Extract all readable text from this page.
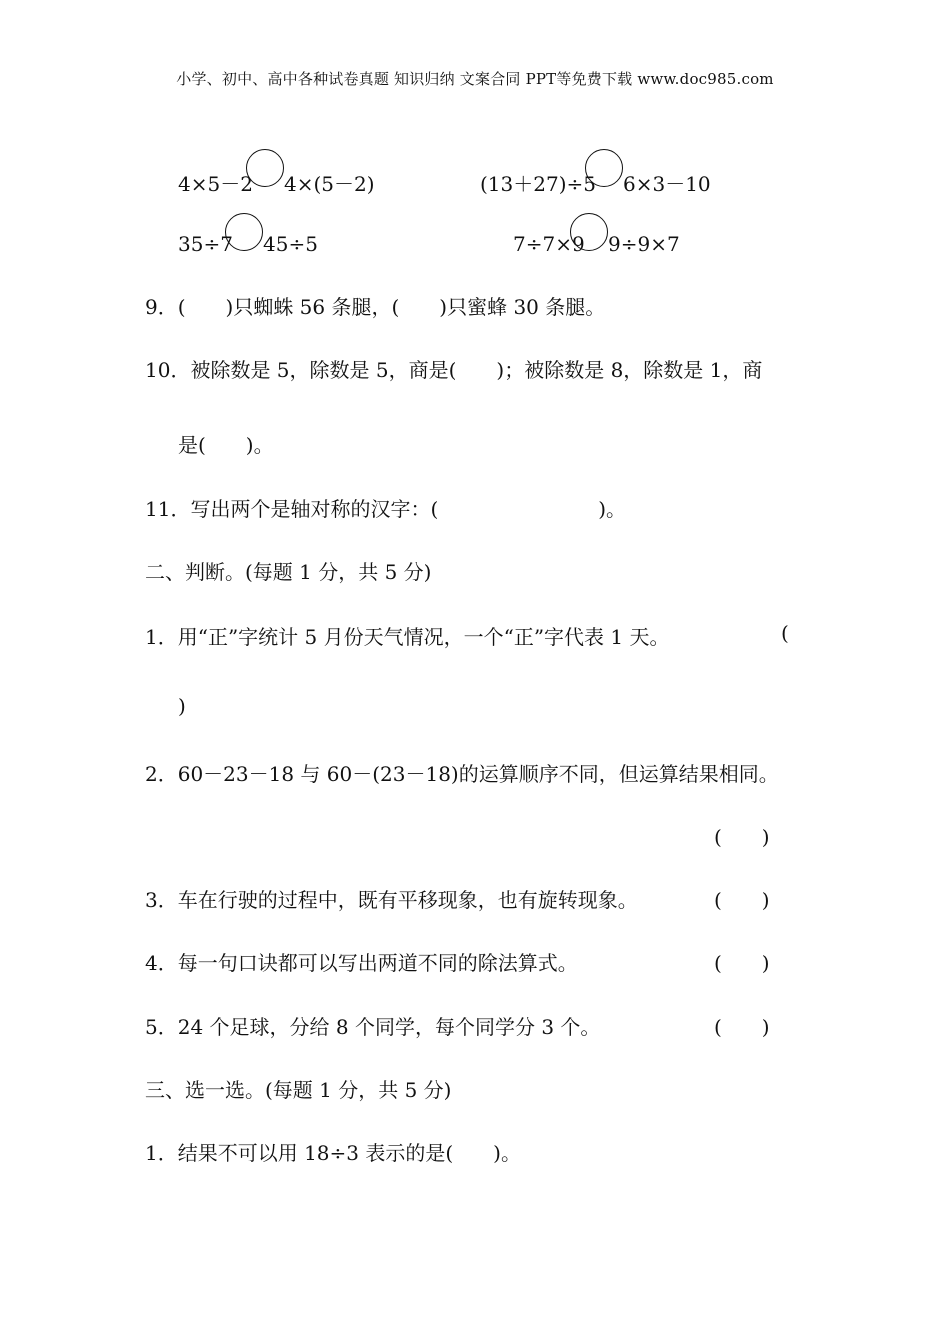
小学、初中、高中各种试卷真题 知识归纳 文案合同 PPT等免费下载 www.doc985.com
4×5－2 4×(5－2)	(13＋27)÷5 6×3－10
35÷7 45÷5	7÷7×9 9÷9×7
9．(　　)只蜘蛛 56 条腿，(　　)只蜜蜂 30 条腿。
10．被除数是 5，除数是 5，商是(　　)；被除数是 8，除数是 1，商
是(　　)。
11．写出两个是轴对称的汉字：(　　　　　　　　)。
二、判断。(每题 1 分，共 5 分)
1．用“正”字统计 5 月份天气情况，一个“正”字代表 1 天。	(
)
2．60－23－18 与 60－(23－18)的运算顺序不同，但运算结果相同。
(　　)
3．车在行驶的过程中，既有平移现象，也有旋转现象。	(　　)
4．每一句口诀都可以写出两道不同的除法算式。	(　　)
5．24 个足球，分给 8 个同学，每个同学分 3 个。	(　　)
三、选一选。(每题 1 分，共 5 分)
1．结果不可以用 18÷3 表示的是(　　)。
